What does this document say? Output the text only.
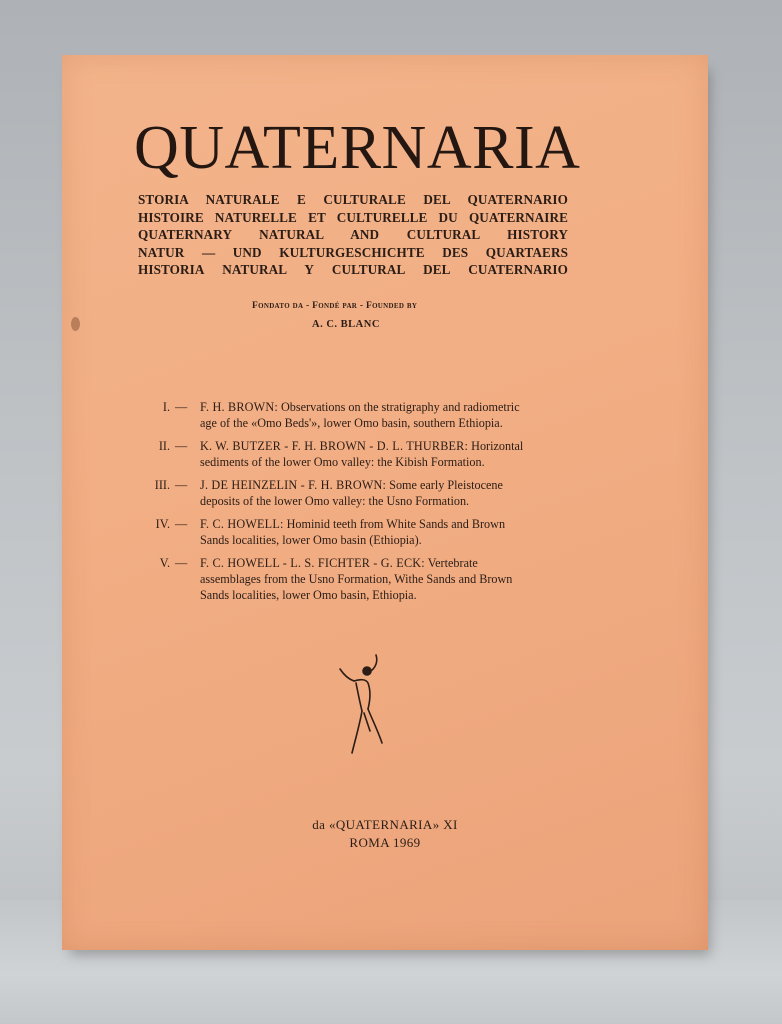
QUATERNARIA
STORIA NATURALE E CULTURALE DEL QUATERNARIO
HISTOIRE NATURELLE ET CULTURELLE DU QUATERNAIRE
QUATERNARY NATURAL AND CULTURAL HISTORY
NATUR — UND KULTURGESCHICHTE DES QUARTAERS
HISTORIA NATURAL Y CULTURAL DEL CUATERNARIO
Fondato da - Fondé par - Founded by
A. C. BLANC
I. — F. H. BROWN: Observations on the stratigraphy and radiometric
age of the «Omo Beds'», lower Omo basin, southern Ethiopia.
II. — K. W. BUTZER - F. H. BROWN - D. L. THURBER: Horizontal
sediments of the lower Omo valley: the Kibish Formation.
III. — J. DE HEINZELIN - F. H. BROWN: Some early Pleistocene
deposits of the lower Omo valley: the Usno Formation.
IV. — F. C. HOWELL: Hominid teeth from White Sands and Brown
Sands localities, lower Omo basin (Ethiopia).
V. — F. C. HOWELL - L. S. FICHTER - G. ECK: Vertebrate
assemblages from the Usno Formation, Withe Sands and Brown
Sands localities, lower Omo basin, Ethiopia.
da «QUATERNARIA» XI
ROMA 1969
